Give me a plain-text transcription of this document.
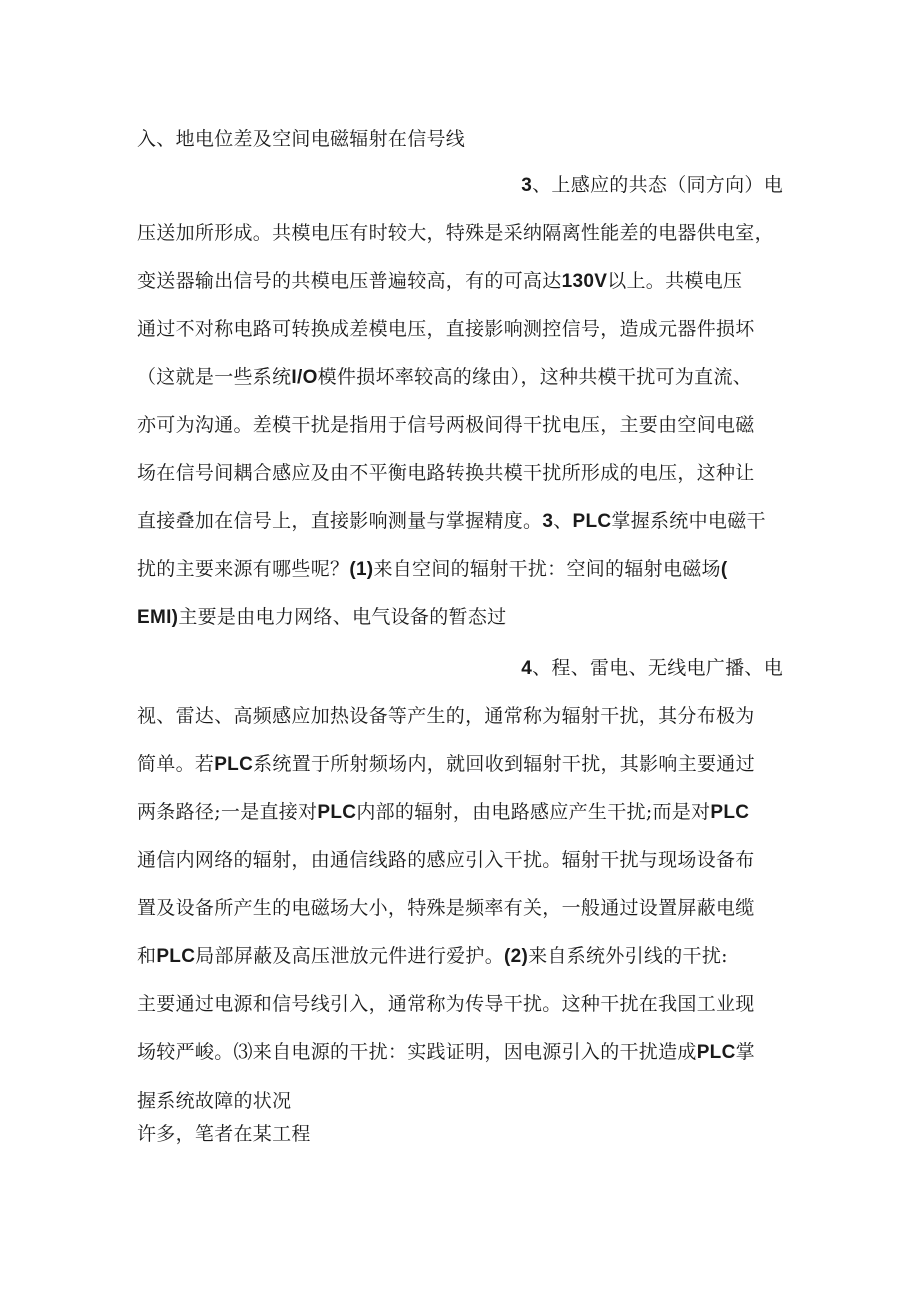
入、地电位差及空间电磁辐射在信号线
3、上感应的共态（同方向）电
压送加所形成。共模电压有时较大，特殊是采纳隔离性能差的电器供电室，
变送器输出信号的共模电压普遍较高，有的可高达130V以上。共模电压
通过不对称电路可转换成差模电压，直接影响测控信号，造成元器件损坏
（这就是一些系统I/O模件损坏率较高的缘由），这种共模干扰可为直流、
亦可为沟通。差模干扰是指用于信号两极间得干扰电压，主要由空间电磁
场在信号间耦合感应及由不平衡电路转换共模干扰所形成的电压，这种让
直接叠加在信号上，直接影响测量与掌握精度。3、PLC掌握系统中电磁干
扰的主要来源有哪些呢？(1)来自空间的辐射干扰：空间的辐射电磁场(
EMI)主要是由电力网络、电气设备的暂态过
4、程、雷电、无线电广播、电
视、雷达、高频感应加热设备等产生的，通常称为辐射干扰，其分布极为
简单。若PLC系统置于所射频场内，就回收到辐射干扰，其影响主要通过
两条路径;一是直接对PLC内部的辐射，由电路感应产生干扰;而是对PLC
通信内网络的辐射，由通信线路的感应引入干扰。辐射干扰与现场设备布
置及设备所产生的电磁场大小，特殊是频率有关，一般通过设置屏蔽电缆
和PLC局部屏蔽及高压泄放元件进行爱护。(2)来自系统外引线的干扰:
主要通过电源和信号线引入，通常称为传导干扰。这种干扰在我国工业现
场较严峻。⑶来自电源的干扰：实践证明，因电源引入的干扰造成PLC掌
握系统故障的状况
许多，笔者在某工程
